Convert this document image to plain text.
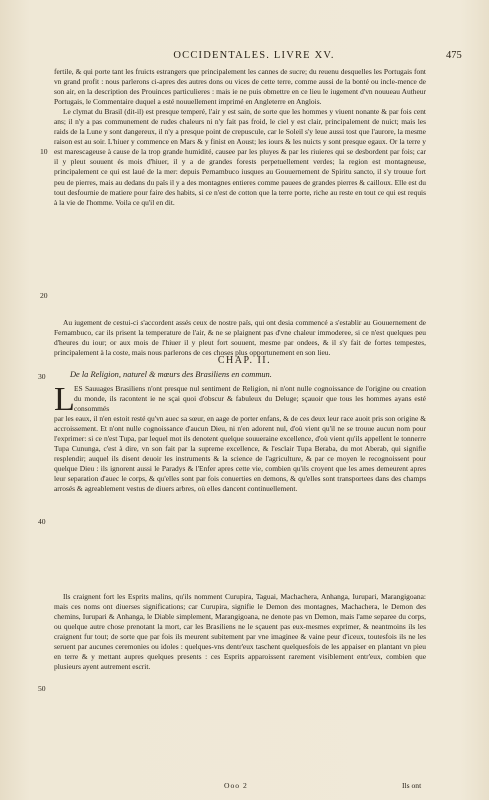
OCCIDENTALES. LIVRE XV.	475

fertile, & qui porte tant les fruicts estrangers que principalement les cannes de sucre; du reuenu desquelles les Portugais font vn grand profit : nous parlerons ci-apres des autres dons ou vices de cette terre, comme aussi de la bonté ou incle-mence de son air, en la description des Prouinces particulieres : mais ie ne puis obmettre en ce lieu le iugement d'vn nouueau Autheur Portugais, le Commentaire duquel a esté nouuellement imprimé en Angleterre en Anglois.

Le clymat du Brasil (dit-il) est presque temperé, l'air y est sain, de sorte que les hommes y viuent nonante & par fois cent ans; il n'y a pas communement de rudes chaleurs ni n'y fait pas froid, le ciel y est clair, principalement de nuict; mais les raids de la Lune y sont dangereux, il n'y a presque point de crepuscule, car le Soleil s'y leue aussi tost que l'aurore, la mesme raison est au soir. L'hiuer y commence en Mars & y finist en Aoust; les iours & les nuicts y sont presque egaux. Or la terre y est marescageuse à cause de la trop grande humidité, causee par les pluyes & par les riuieres qui se desbordent par fois; car il y pleut souuent és mois d'hiuer, il y a de grandes forests perpetuellement verdes; la region est montagneuse, principalement ce qui est laué de la mer: depuis Pernambuco iusques au Gouuernement de Spiritu sancto, il s'y trouue fort peu de pierres, mais au dedans du païs il y a des montagnes entieres comme pauees de grandes pierres & cailloux. Elle est du tout desfournie de matiere pour faire des habits, si ce n'est de cotton que la terre porte, riche au reste en tout ce qui est requis à la vie de l'homme. Voila ce qu'il en dit.

10
20

Au iugement de cestui-ci s'accordent assés ceux de nostre païs, qui ont desia commencé a s'establir au Gouuernement de Fernambuco, car ils prisent la temperature de l'air, & ne se plaignent pas d'vne chaleur immoderee, si ce n'est quelques peu d'heures du iour; or aux mois de l'hiuer il y pleut fort souuent, mesme par ondees, & il s'y fait de fortes tempestes, principalement à la coste, mais nous parlerons de ces choses plus opportunement en son lieu.

CHAP. II.
30	De la Religion, naturel & mœurs des Brasiliens en commun.
L ES Sauuages Brasiliens n'ont presque nul sentiment de Religion, ni n'ont nulle cognoissance de l'origine ou creation du monde, ils racontent ie ne sçai quoi d'obscur & fabuleux du Deluge; sçauoir que tous les hommes ayans esté consommés

par les eaux, il n'en estoit resté qu'vn auec sa sœur, en aage de porter enfans, & de ces deux leur race auoit pris son origine & accroissement. Et n'ont nulle cognoissance d'aucun Dieu, ni n'en adorent nul, d'où vient qu'il ne se trouue aucun nom pour l'exprimer: si ce n'est Tupa, par lequel mot ils denotent quelque souueraine excellence, d'où vient qu'ils appellent le tonnerre Tupa Cununga, c'est à dire, vn son fait par la supreme excellence, & l'esclair Tupa Beraba, du mot Aberab, qui signifie resplendir; auquel ils disent deuoir les instruments & la science de l'agriculture, & par ce moyen le recognoissent pour quelque Dieu : ils ignorent aussi le Paradys & l'Enfer apres cette vie, combien qu'ils croyent que les ames demeurent apres leur separation d'auec le corps, & qu'elles sont par fois conuerties en demons, & qu'elles sont transportees dans des champs arrosés & agreablement vestus de diuers arbres, où elles dancent continuellement.

40

Ils craignent fort les Esprits malins, qu'ils nomment Curupira, Taguai, Machachera, Anhanga, Iurupari, Marangigoana: mais ces noms ont diuerses significations; car Curupira, signifie le Demon des montagnes, Machachera, le Demon des chemins, Iurupari & Anhanga, le Diable simplement, Marangigoana, ne denote pas vn Demon, mais l'ame separee du corps, ou quelque autre chose prenotant la mort, car les Brasiliens ne le sçauent pas eux-mesmes exprimer, & neantmoins ils les craignent fur tout; de sorte que par fois ils meurent subitement par vne imaginee & vaine peur d'iceux, toutesfois ils ne les seruent par aucunes ceremonies ou idoles : quelques-vns dentr'eux taschent quelquesfois de les appaiser en plantant vn pieu en terre & y mettant aupres quelques presents : ces Esprits apparoissent rarement visiblement entr'eux, combien que plusieurs ayent autrement escrit.

50
Ooo 2	Ils ont
